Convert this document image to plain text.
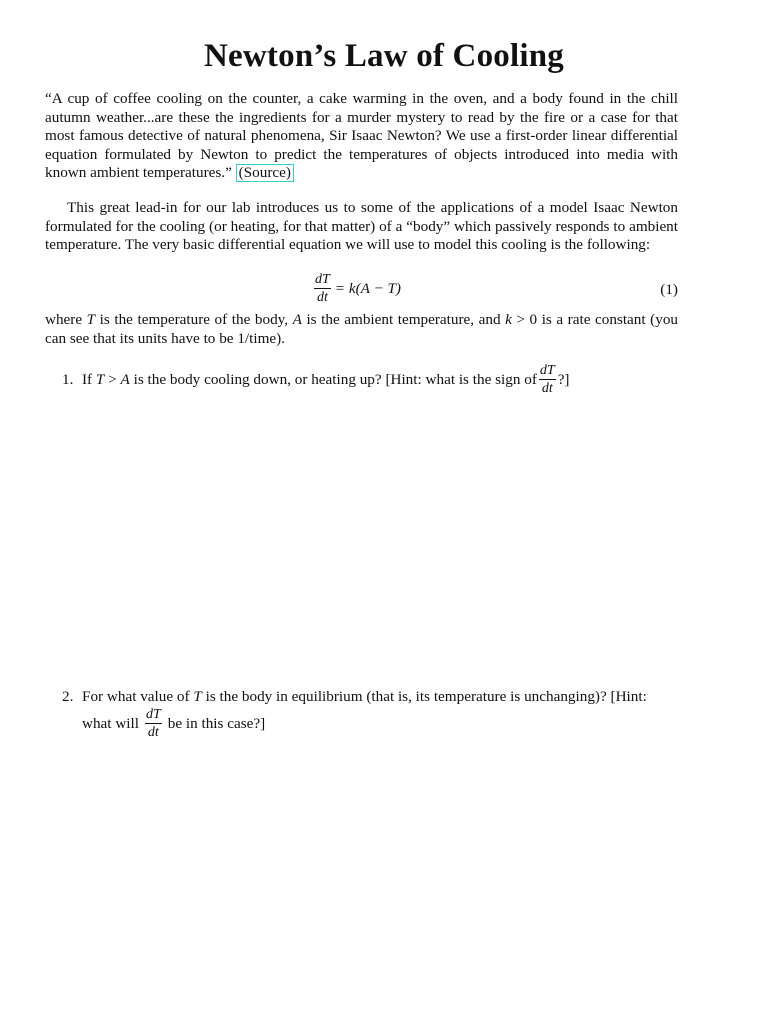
Newton’s Law of Cooling

“A cup of coffee cooling on the counter, a cake warming in the oven, and a body found in the chill autumn weather...are these the ingredients for a murder mystery to read by the fire or a case for that most famous detective of natural phenomena, Sir Isaac Newton? We use a first-order linear differential equation formulated by Newton to predict the temperatures of objects introduced into media with known ambient temperatures.” (Source)

This great lead-in for our lab introduces us to some of the applications of a model Isaac Newton formulated for the cooling (or heating, for that matter) of a “body” which passively responds to ambient temperature. The very basic differential equation we will use to model this cooling is the following:

$\frac{dT}{dt} = k(A - T)$	(1)

where T is the temperature of the body, A is the ambient temperature, and k > 0 is a rate constant (you can see that its units have to be 1/time).

1. If T > A is the body cooling down, or heating up? [Hint: what is the sign of $\frac{dT}{dt}$ ?]
2. For what value of T is the body in equilibrium (that is, its temperature is unchanging)? [Hint:
what will $\frac{dT}{dt}$ be in this case?]
